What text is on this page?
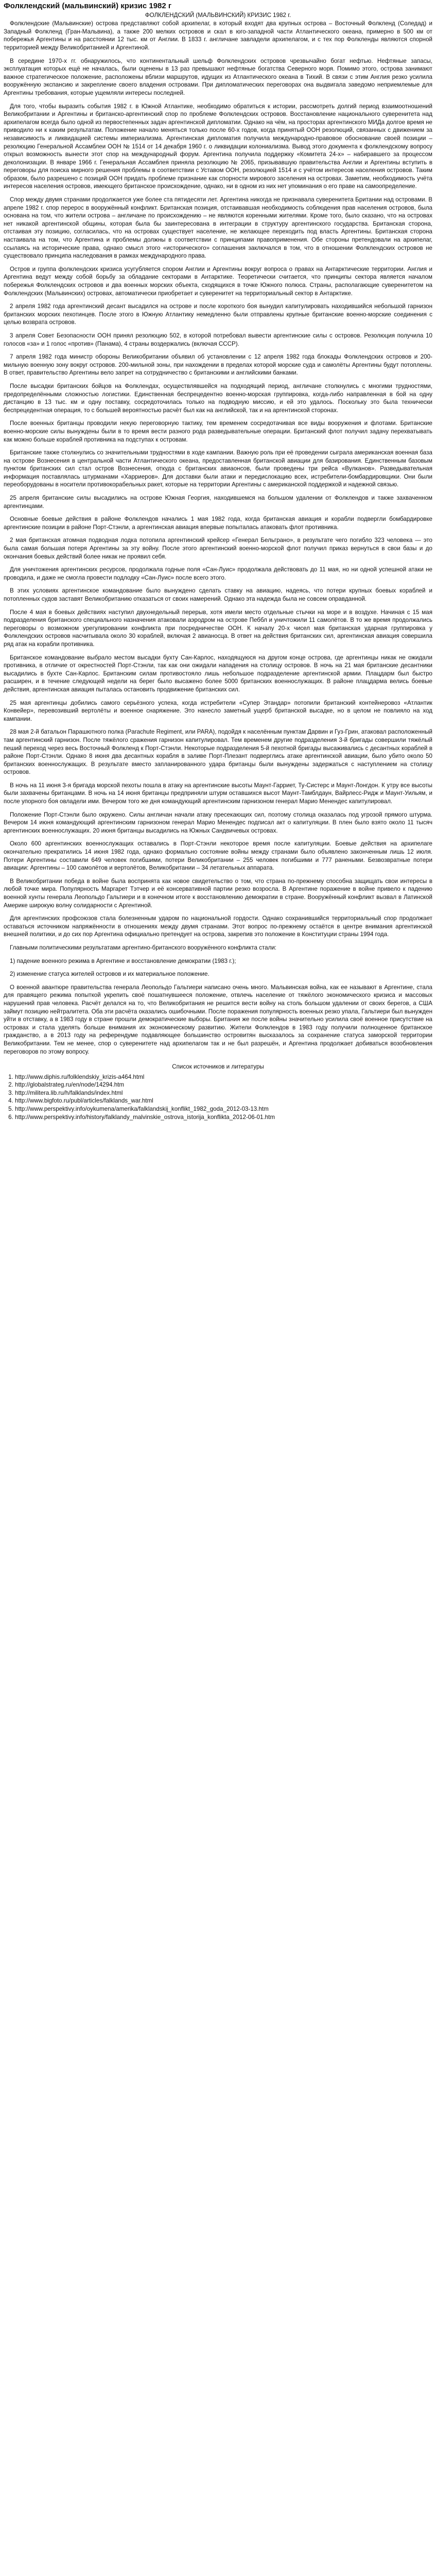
Фолклендский (мальвинский) кризис 1982 г
ФОЛКЛЕНДСКИЙ (МАЛЬВИНСКИЙ) КРИЗИС 1982 г.

Фолклендские (Мальвинские) острова представляют собой архипелаг, в который входят два крупных острова – Восточный Фолкленд (Соледад) и Западный Фолкленд (Гран-Мальвина), а также 200 мелких островов и скал в юго-западной части Атлантического океана, примерно в 500 км от побережья Аргентины и на расстоянии 12 тыс. км от Англии. В 1833 г. англичане завладели архипелагом, и с тех пор Фолкленды являются спорной территорией между Великобританией и Аргентиной.

В середине 1970-х гг. обнаружилось, что континентальный шельф Фолклендских островов чрезвычайно богат нефтью. Нефтяные запасы, эксплуатация которых ещё не началась, были оценены в 13 раз превышают нефтяные богатства Северного моря. Помимо этого, острова занимают важное стратегическое положение, расположены вблизи маршрутов, идущих из Атлантического океана в Тихий. В связи с этим Англия резко усилила вооружённую экспансию и закрепление своего владения островами. При дипломатических переговорах она выдвигала заведомо неприемлемые для Аргентины требования, которые ущемляли интересы последней.

Для того, чтобы выразить события 1982 г. в Южной Атлантике, необходимо обратиться к истории, рассмотреть долгий период взаимоотношений Великобритании и Аргентины и британско-аргентинский спор по проблеме Фолклендских островов. Восстановление национального суверенитета над архипелагом всегда было одной из первостепенных задач аргентинской дипломатии. Однако на чём, на просторах аргентинского МИДа долгое время не приводило ни к каким результатам. Положение начало меняться только после 60-х годов, когда принятый ООН резолюций, связанных с движением за независимость и ликвидацией системы империализма. Аргентинская дипломатия получила международно-правовое обоснование своей позиции – резолюцию Генеральной Ассамблеи ООН № 1514 от 14 декабря 1960 г. о ликвидации колониализма. Вывод этого документа к фолклендскому вопросу открыл возможность вынести этот спор на международный форум. Аргентина получила поддержку «Комитета 24-х» – набиравшего за процессом деколонизации. В январе 1966 г. Генеральная Ассамблея приняла резолюцию № 2065, призывавшую правительства Англии и Аргентины вступить в переговоры для поиска мирного решения проблемы в соответствии с Уставом ООН, резолюцией 1514 и с учётом интересов населения островов. Таким образом, было разрешено с позиций ООН придать проблеме признание как спорности мирового заселения на островах. Заметим, необходимость учёта интересов населения островов, имеющего британское происхождение, однако, ни в одном из них нет упоминания о его праве на самоопределение.

Спор между двумя странами продолжается уже более ста пятидесяти лет. Аргентина никогда не признавала суверенитета Британии над островами. В апреле 1982 г. спор перерос в вооружённый конфликт. Британская позиция, отстаивавшая необходимость соблюдения прав населения островов, была основана на том, что жители острова – англичане по происхождению – не являются коренными жителями. Кроме того, было сказано, что на островах нет никакой аргентинской общины, которая была бы заинтересована в интеграции в структуру аргентинского государства. Британская сторона, отстаивая эту позицию, согласилась, что на островах существует население, не желающее переходить под власть Аргентины. Британская сторона настаивала на том, что Аргентина и проблемы должны в соответствии с принципами правоприменения. Обе стороны претендовали на архипелаг, ссылаясь на исторические права, однако смысл этого «исторического» соглашения заключался в том, что в отношении Фолклендских островов не существовало принципа наследования в рамках международного права.

Остров и группа фолклендских кризиса усугубляется спором Англии и Аргентины вокруг вопроса о правах на Антарктические территории. Англия и Аргентина ведут между собой борьбу за обладание секторами в Антарктике. Теоретически считается, что принципы сектора является началом побережья Фолклендских островов и два военных морских объекта, сходящихся в точке Южного полюса. Страны, располагающие суверенитетом на Фолклендских (Мальвинских) островах, автоматически приобретает и суверенитет на территориальный сектор в Антарктике.

2 апреля 1982 года аргентинский десант высадился на острове и после короткого боя вынудил капитулировать находившийся небольшой гарнизон британских морских пехотинцев. После этого в Южную Атлантику немедленно были отправлены крупные британские военно-морские соединения с целью возврата островов.

3 апреля Совет Безопасности ООН принял резолюцию 502, в которой потребовал вывести аргентинские силы с островов. Резолюция получила 10 голосов «за» и 1 голос «против» (Панама), 4 страны воздержались (включая СССР).

7 апреля 1982 года министр обороны Великобритании объявил об установлении с 12 апреля 1982 года блокады Фолклендских островов и 200-мильную военную зону вокруг островов. 200-мильной зоны, при нахождении в пределах которой морские суда и самолёты Аргентины будут потоплены. В ответ, правительство Аргентины вело запрет на сотрудничество с британскими и английскими банками.

После высадки британских бойцов на Фолклендах, осуществлявшейся на подходящий период, англичане столкнулись с многими трудностями, предопределёнными сложностью логистики. Единственная беспрецедентно военно-морская группировка, когда-либо направленная в бой на одну дистанцию в 13 тыс. км и одну поставку, сосредоточилась только на подводную миссию, и ей это удалось. Поскольку это была технически беспрецедентная операция, то с большей вероятностью расчёт был как на английской, так и на аргентинской сторонах.

После военных британцы проводили некую переговорную тактику, тем временем сосредотачивая все виды вооружения и флотами. Британские военно-морские силы вынуждены были в то время вести разного рода разведывательные операции. Британский флот получил задачу перехватывать как можно больше кораблей противника на подступах к островам.

Британские также столкнулись со значительными трудностями в ходе кампании. Важную роль при её проведении сыграла американская военная база на острове Вознесения в центральной части Атлантического океана, предоставленная британской авиации для базирования. Единственным базовым пунктом британских сил стал остров Вознесения, откуда с британских авиаонсов, были проведены три рейса «Вулканов». Разведывательная информация поставлялась штурманами «Харриеров». Для доставки были атаки и передислокацию всех, истребители-бомбардировщики. Они были переоборудованы в носители противокорабельных ракет, которые на территории Аргентины с американской поддержкой и надежной связью.

25 апреля британские силы высадились на острове Южная Георгия, находившемся на большом удалении от Фолклендов и также захваченном аргентинцами.

Основные боевые действия в районе Фолклендов начались 1 мая 1982 года, когда британская авиация и корабли подвергли бомбардировке аргентинские позиции в районе Порт-Стэнли, а аргентинская авиация впервые попыталась атаковать флот противника.

2 мая британская атомная подводная лодка потопила аргентинский крейсер «Генерал Бельграно», в результате чего погибло 323 человека — это была самая большая потеря Аргентины за эту войну. После этого аргентинский военно-морской флот получил приказ вернуться в свои базы и до окончания боевых действий более никак не проявил себя.

Для уничтожения аргентинских ресурсов, продолжала годные поля «Сан-Луис» продолжала действовать до 11 мая, но ни одной успешной атаки не проводила, и даже не смогла провести подлодку «Сан-Луис» после всего этого.

В этих условиях аргентинское командование было вынуждено сделать ставку на авиацию, надеясь, что потери крупных боевых кораблей и потопленных судов заставят Великобританию отказаться от своих намерений. Однако эта надежда была не совсем оправданной.

После 4 мая в боевых действиях наступил двухнедельный перерыв, хотя имели место отдельные стычки на море и в воздухе. Начиная с 15 мая подразделения британского специального назначения атаковали аэродром на острове Пеббл и уничтожили 11 самолётов. В то же время продолжались переговоры о возможном урегулировании конфликта при посредничестве ООН. К началу 20-х чисел мая британская ударная группировка у Фолклендских островов насчитывала около 30 кораблей, включая 2 авианосца. В ответ на действия британских сил, аргентинская авиация совершила ряд атак на корабли противника.

Британское командование выбрало местом высадки бухту Сан-Карлос, находящуюся на другом конце острова, где аргентинцы никак не ожидали противника, в отличие от окрестностей Порт-Стэнли, так как они ожидали нападения на столицу островов. В ночь на 21 мая британские десантники высадились в бухте Сан-Карлос. Британским силам противостояло лишь небольшое подразделение аргентинской армии. Плацдарм был быстро расширен, и в течение следующей недели на берег было высажено более 5000 британских военнослужащих. В районе плацдарма велись боевые действия, аргентинская авиация пыталась остановить продвижение британских сил.

25 мая аргентинцы добились самого серьёзного успеха, когда истребители «Супер Этандар» потопили британский контейнеровоз «Атлантик Конвейер», перевозивший вертолёты и военное снаряжение. Это нанесло заметный ущерб британской высадке, но в целом не повлияло на ход кампании.

28 мая 2-й батальон Парашютного полка (Parachute Regiment, или PARA), подойдя к населённым пунктам Дарвин и Гуз-Грин, атаковал расположенный там аргентинский гарнизон. После тяжёлого сражения гарнизон капитулировал. Тем временем другие подразделения 3-й бригады совершили тяжёлый пеший переход через весь Восточный Фолкленд к Порт-Стэнли. Некоторые подразделения 5-й пехотной бригады высаживались с десантных кораблей в районе Порт-Стэнли. Однако 8 июня два десантных корабля в заливе Порт-Плезант подверглись атаке аргентинской авиации, было убито около 50 британских военнослужащих. В результате вместо запланированного удара британцы были вынуждены задержаться с наступлением на столицу островов.

В ночь на 11 июня 3-я бригада морской пехоты пошла в атаку на аргентинские высоты Маунт-Гарриет, Ту-Систерс и Маунт-Лонгдон. К утру все высоты были захвачены британцами. В ночь на 14 июня британцы предприняли штурм оставшихся высот Маунт-Тамблдаун, Вайрлесс-Ридж и Маунт-Уильям, и после упорного боя овладели ими. Вечером того же дня командующий аргентинским гарнизоном генерал Марио Менендес капитулировал.

Положение Порт-Стэнли было окружено. Силы англичан начали атаку пресекающих сил, поэтому столица оказалась под угрозой прямого штурма. Вечером 14 июня командующий аргентинским гарнизоном генерал Марио Менендес подписал акт о капитуляции. В плен было взято около 11 тысяч аргентинских военнослужащих. 20 июня британцы высадились на Южных Сандвичевых островах.

Около 600 аргентинских военнослужащих оставались в Порт-Стэнли некоторое время после капитуляции. Боевые действия на архипелаге окончательно прекратились 14 июня 1982 года, однако формально состояние войны между странами было объявлено законченным лишь 12 июля. Потери Аргентины составили 649 человек погибшими, потери Великобритании – 255 человек погибшими и 777 ранеными. Безвозвратные потери авиации: Аргентины – 100 самолётов и вертолётов, Великобритании – 34 летательных аппарата.

В Великобритании победа в войне была воспринята как новое свидетельство о том, что страна по-прежнему способна защищать свои интересы в любой точке мира. Популярность Маргарет Тэтчер и её консервативной партии резко возросла. В Аргентине поражение в войне привело к падению военной хунты генерала Леопольдо Гальтиери и в конечном итоге к восстановлению демократии в стране. Вооружённый конфликт вызвал в Латинской Америке широкую волну солидарности с Аргентиной.

Для аргентинских профсоюзов стала болезненным ударом по национальной гордости. Однако сохранившийся территориальный спор продолжает оставаться источником напряжённости в отношениях между двумя странами. Этот вопрос по-прежнему остаётся в центре внимания аргентинской внешней политики, и до сих пор Аргентина официально претендует на острова, закрепив это положение в Конституции страны 1994 года.

Главными политическими результатами аргентино-британского вооружённого конфликта стали:

1) падение военного режима в Аргентине и восстановление демократии (1983 г.);

2) изменение статуса жителей островов и их материальное положение.

О военной авантюре правительства генерала Леопольдо Гальтиери написано очень много. Мальвинская война, как ее называют в Аргентине, стала для правящего режима попыткой укрепить своё пошатнувшееся положение, отвлечь население от тяжёлого экономического кризиса и массовых нарушений прав человека. Расчёт делался на то, что Великобритания не решится вести войну на столь большом удалении от своих берегов, а США займут позицию нейтралитета. Оба эти расчёта оказались ошибочными. После поражения популярность военных резко упала, Гальтиери был вынужден уйти в отставку, а в 1983 году в стране прошли демократические выборы. Британия же после войны значительно усилила своё военное присутствие на островах и стала уделять больше внимания их экономическому развитию. Жители Фолклендов в 1983 году получили полноценное британское гражданство, а в 2013 году на референдуме подавляющее большинство островитян высказалось за сохранение статуса заморской территории Великобритании. Тем не менее, спор о суверенитете над архипелагом так и не был разрешён, и Аргентина продолжает добиваться возобновления переговоров по этому вопросу.

Список источников и литературы
1. http://www.diphis.ru/folklendskiy_krizis-a464.html
2. http://globalstrateg.ru/en/node/14294.htm
3. http://militera.lib.ru/h/falklands/index.html
4. http://www.bigfoto.ru/publ/articles/falklands_war.html
5. http://www.perspektivy.info/oykumena/amerika/falklandskij_konflikt_1982_goda_2012-03-13.htm
6. http://www.perspektivy.info/history/falklandy_malvinskie_ostrova_istorija_konflikta_2012-06-01.htm
